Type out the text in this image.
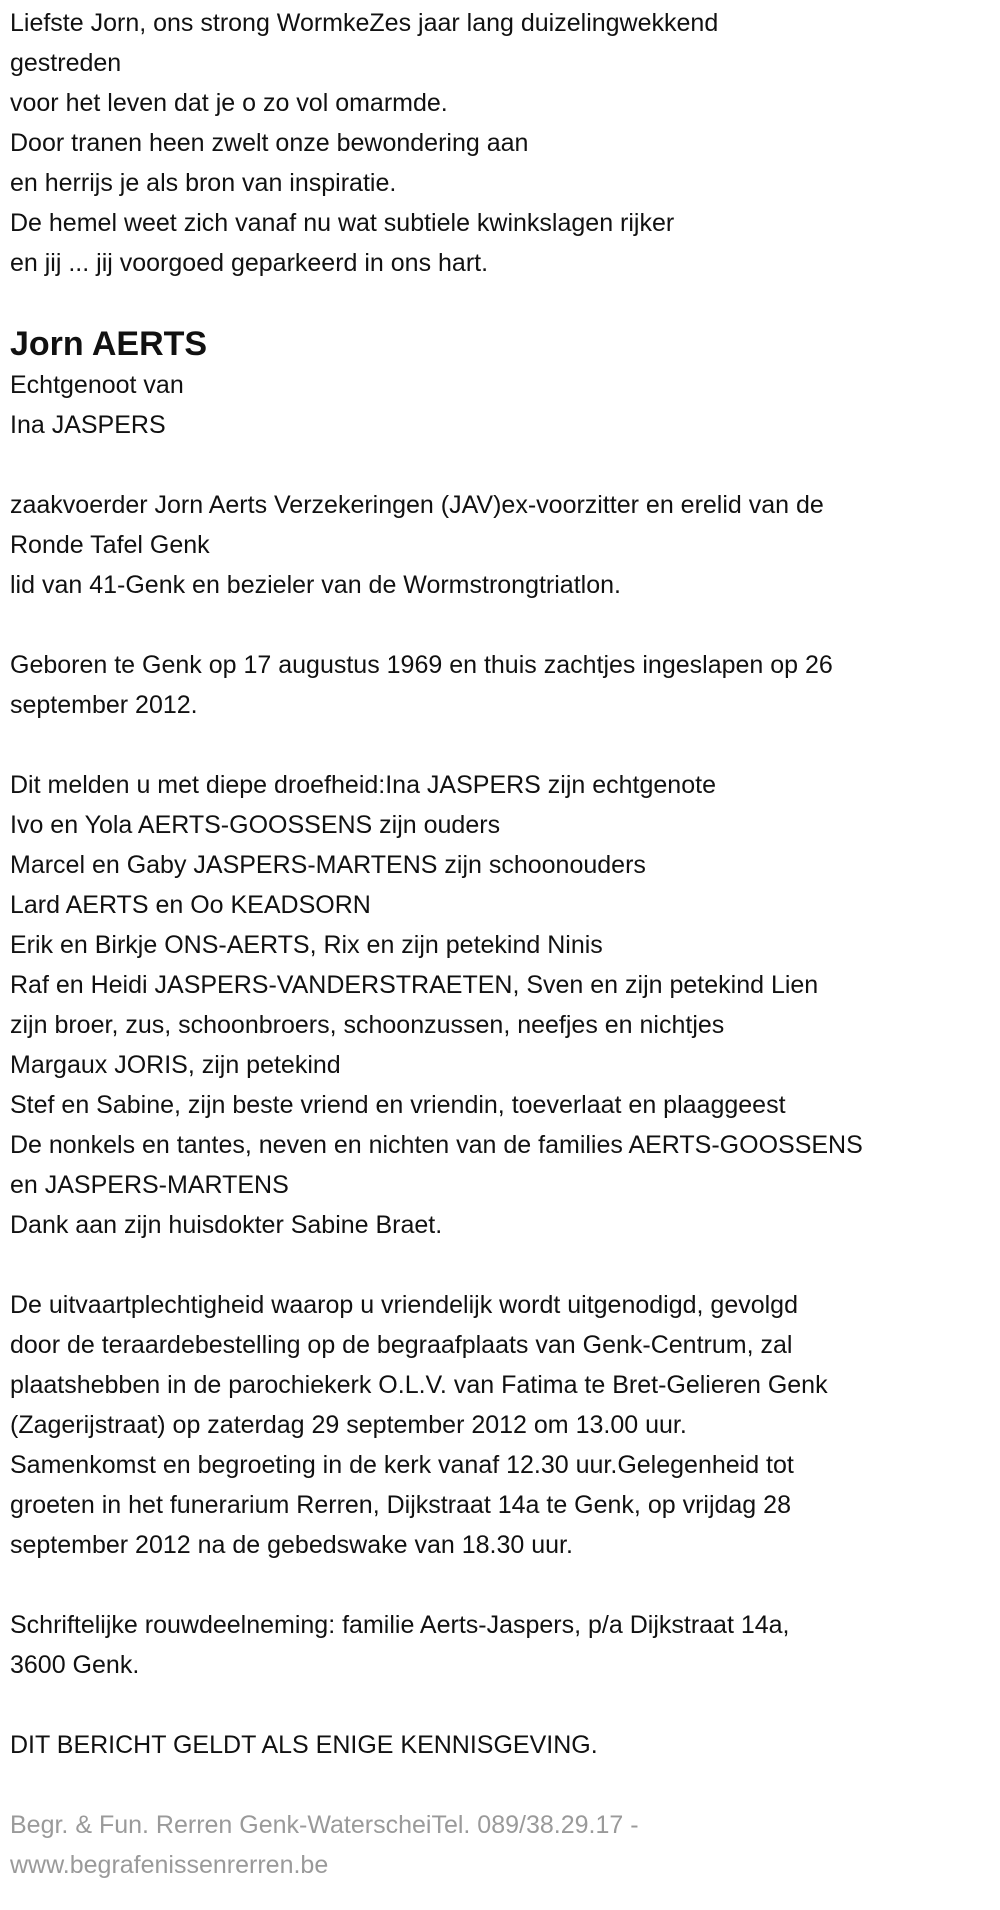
Liefste Jorn, ons strong WormkeZes jaar lang duizelingwekkend
gestreden
voor het leven dat je o zo vol omarmde.
Door tranen heen zwelt onze bewondering aan
en herrijs je als bron van inspiratie.
De hemel weet zich vanaf nu wat subtiele kwinkslagen rijker
en jij ... jij voorgoed geparkeerd in ons hart.
Jorn AERTS
Echtgenoot van
Ina JASPERS
zaakvoerder Jorn Aerts Verzekeringen (JAV)ex-voorzitter en erelid van de
Ronde Tafel Genk
lid van 41-Genk en bezieler van de Wormstrongtriatlon.
Geboren te Genk op 17 augustus 1969 en thuis zachtjes ingeslapen op 26
september 2012.
Dit melden u met diepe droefheid:Ina JASPERS zijn echtgenote
Ivo en Yola AERTS-GOOSSENS zijn ouders
Marcel en Gaby JASPERS-MARTENS zijn schoonouders
Lard AERTS en Oo KEADSORN
Erik en Birkje ONS-AERTS, Rix en zijn petekind Ninis
Raf en Heidi JASPERS-VANDERSTRAETEN, Sven en zijn petekind Lien
zijn broer, zus, schoonbroers, schoonzussen, neefjes en nichtjes
Margaux JORIS, zijn petekind
Stef en Sabine, zijn beste vriend en vriendin, toeverlaat en plaaggeest
De nonkels en tantes, neven en nichten van de families AERTS-GOOSSENS
en JASPERS-MARTENS
Dank aan zijn huisdokter Sabine Braet.
De uitvaartplechtigheid waarop u vriendelijk wordt uitgenodigd, gevolgd
door de teraardebestelling op de begraafplaats van Genk-Centrum, zal
plaatshebben in de parochiekerk O.L.V. van Fatima te Bret-Gelieren Genk
(Zagerijstraat) op zaterdag 29 september 2012 om 13.00 uur.
Samenkomst en begroeting in de kerk vanaf 12.30 uur.Gelegenheid tot
groeten in het funerarium Rerren, Dijkstraat 14a te Genk, op vrijdag 28
september 2012 na de gebedswake van 18.30 uur.
Schriftelijke rouwdeelneming: familie Aerts-Jaspers, p/a Dijkstraat 14a,
3600 Genk.
DIT BERICHT GELDT ALS ENIGE KENNISGEVING.
Begr. & Fun. Rerren Genk-WaterscheiTel. 089/38.29.17 -
www.begrafenissenrerren.be
